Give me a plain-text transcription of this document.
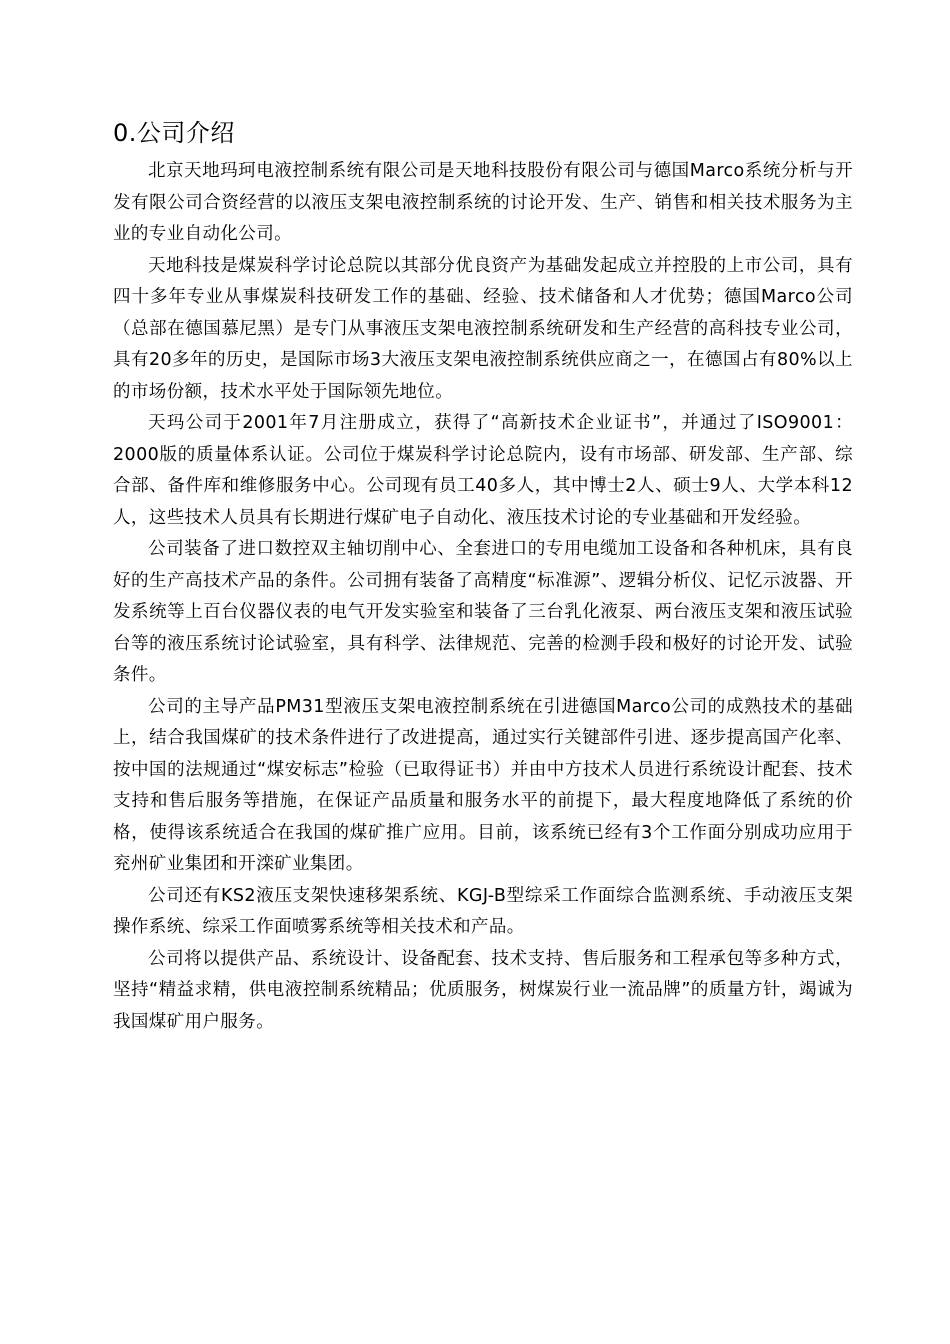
0.公司介绍

北京天地玛珂电液控制系统有限公司是天地科技股份有限公司与德国Marco系统分析与开发有限公司合资经营的以液压支架电液控制系统的讨论开发、生产、销售和相关技术服务为主业的专业自动化公司。

天地科技是煤炭科学讨论总院以其部分优良资产为基础发起成立并控股的上市公司，具有四十多年专业从事煤炭科技研发工作的基础、经验、技术储备和人才优势；德国Marco公司（总部在德国慕尼黑）是专门从事液压支架电液控制系统研发和生产经营的高科技专业公司，具有20多年的历史，是国际市场3大液压支架电液控制系统供应商之一，在德国占有80%以上的市场份额，技术水平处于国际领先地位。

天玛公司于2001年7月注册成立，获得了“高新技术企业证书”，并通过了ISO9001：2000版的质量体系认证。公司位于煤炭科学讨论总院内，设有市场部、研发部、生产部、综合部、备件库和维修服务中心。公司现有员工40多人，其中博士2人、硕士9人、大学本科12人，这些技术人员具有长期进行煤矿电子自动化、液压技术讨论的专业基础和开发经验。

公司装备了进口数控双主轴切削中心、全套进口的专用电缆加工设备和各种机床，具有良好的生产高技术产品的条件。公司拥有装备了高精度“标准源”、逻辑分析仪、记忆示波器、开发系统等上百台仪器仪表的电气开发实验室和装备了三台乳化液泵、两台液压支架和液压试验台等的液压系统讨论试验室，具有科学、法律规范、完善的检测手段和极好的讨论开发、试验条件。

公司的主导产品PM31型液压支架电液控制系统在引进德国Marco公司的成熟技术的基础上，结合我国煤矿的技术条件进行了改进提高，通过实行关键部件引进、逐步提高国产化率、按中国的法规通过“煤安标志”检验（已取得证书）并由中方技术人员进行系统设计配套、技术支持和售后服务等措施，在保证产品质量和服务水平的前提下，最大程度地降低了系统的价格，使得该系统适合在我国的煤矿推广应用。目前，该系统已经有3个工作面分别成功应用于兖州矿业集团和开滦矿业集团。

公司还有KS2液压支架快速移架系统、KGJ-B型综采工作面综合监测系统、手动液压支架操作系统、综采工作面喷雾系统等相关技术和产品。

公司将以提供产品、系统设计、设备配套、技术支持、售后服务和工程承包等多种方式，坚持“精益求精，供电液控制系统精品；优质服务，树煤炭行业一流品牌”的质量方针，竭诚为我国煤矿用户服务。
